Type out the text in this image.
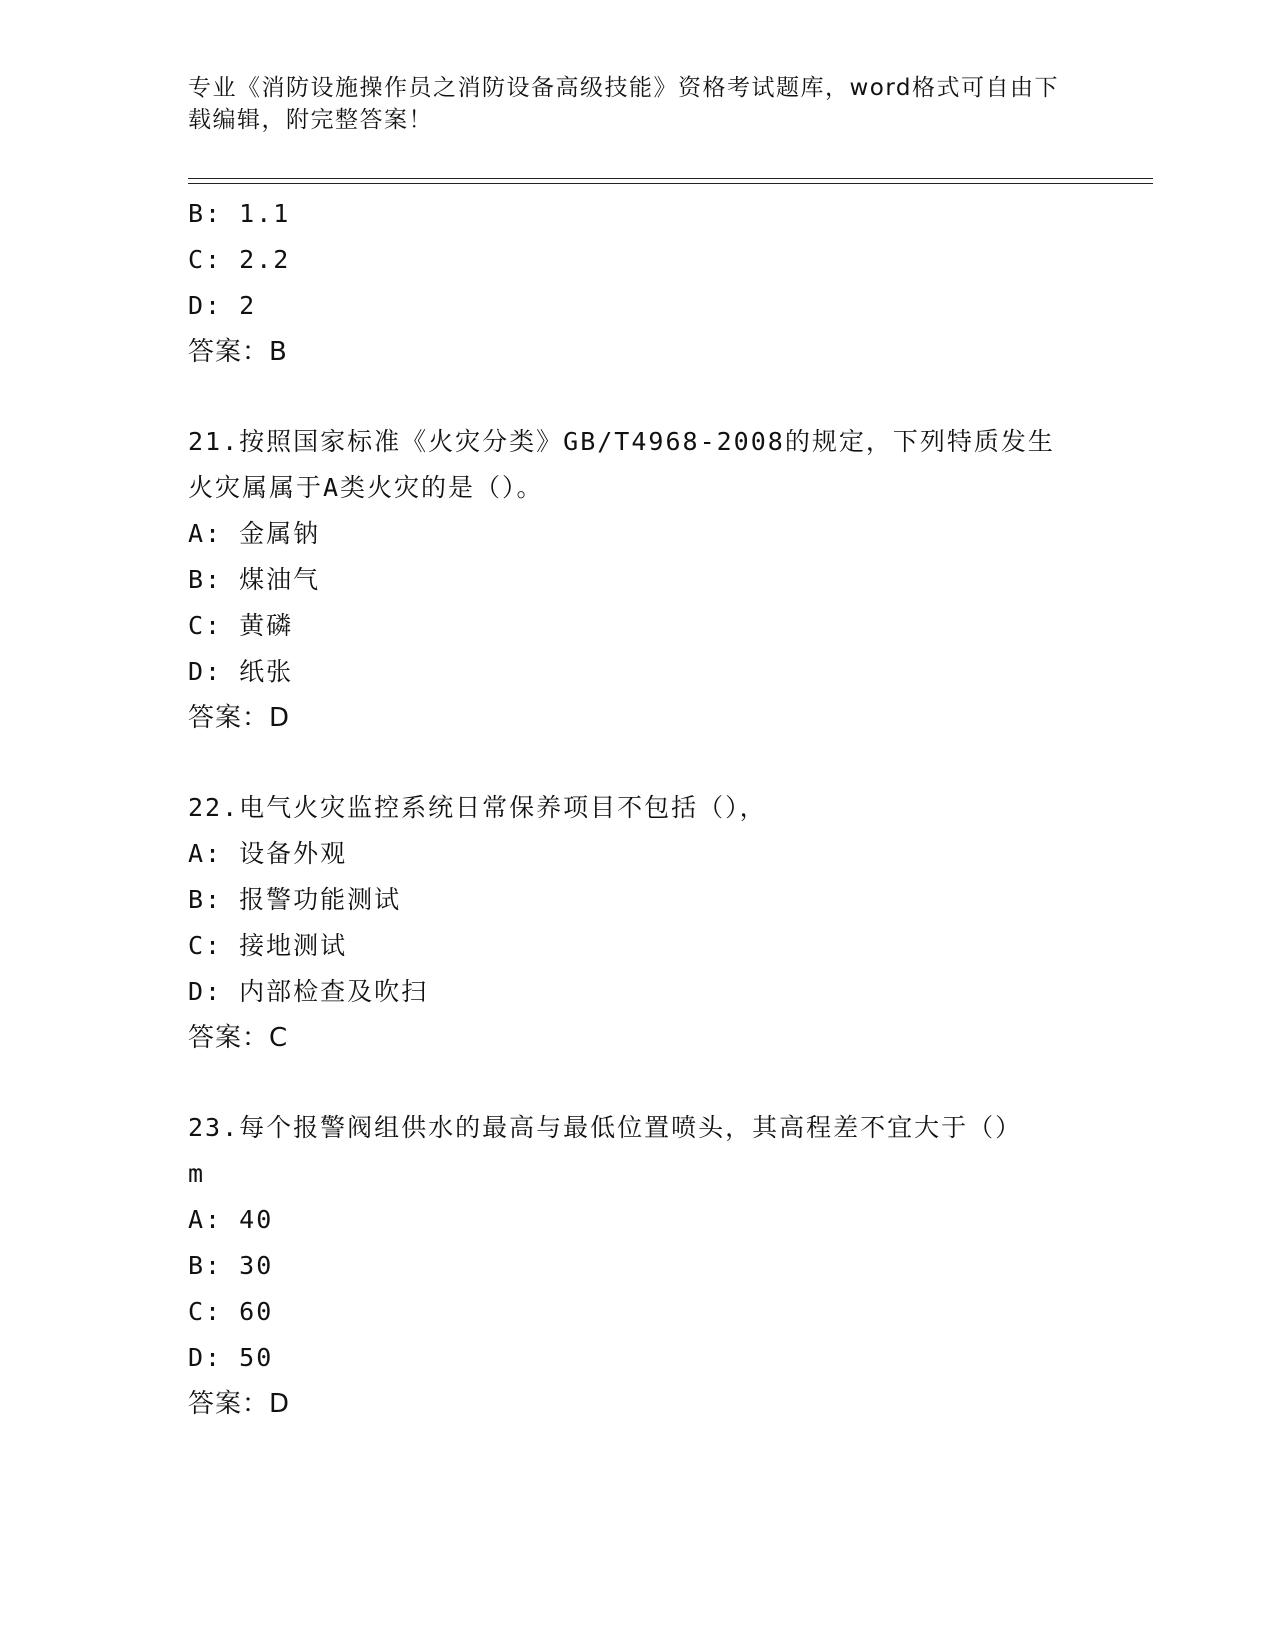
专业《消防设施操作员之消防设备高级技能》资格考试题库，word格式可自由下
载编辑，附完整答案！
B: 1.1
C: 2.2
D: 2
答案：B
21.按照国家标准《火灾分类》GB/T4968-2008的规定，下列特质发生
火灾属属于A类火灾的是（）。
A: 金属钠
B: 煤油气
C: 黄磷
D: 纸张
答案：D
22.电气火灾监控系统日常保养项目不包括（），
A: 设备外观
B: 报警功能测试
C: 接地测试
D: 内部检查及吹扫
答案：C
23.每个报警阀组供水的最高与最低位置喷头，其高程差不宜大于（）
m
A: 40
B: 30
C: 60
D: 50
答案：D
